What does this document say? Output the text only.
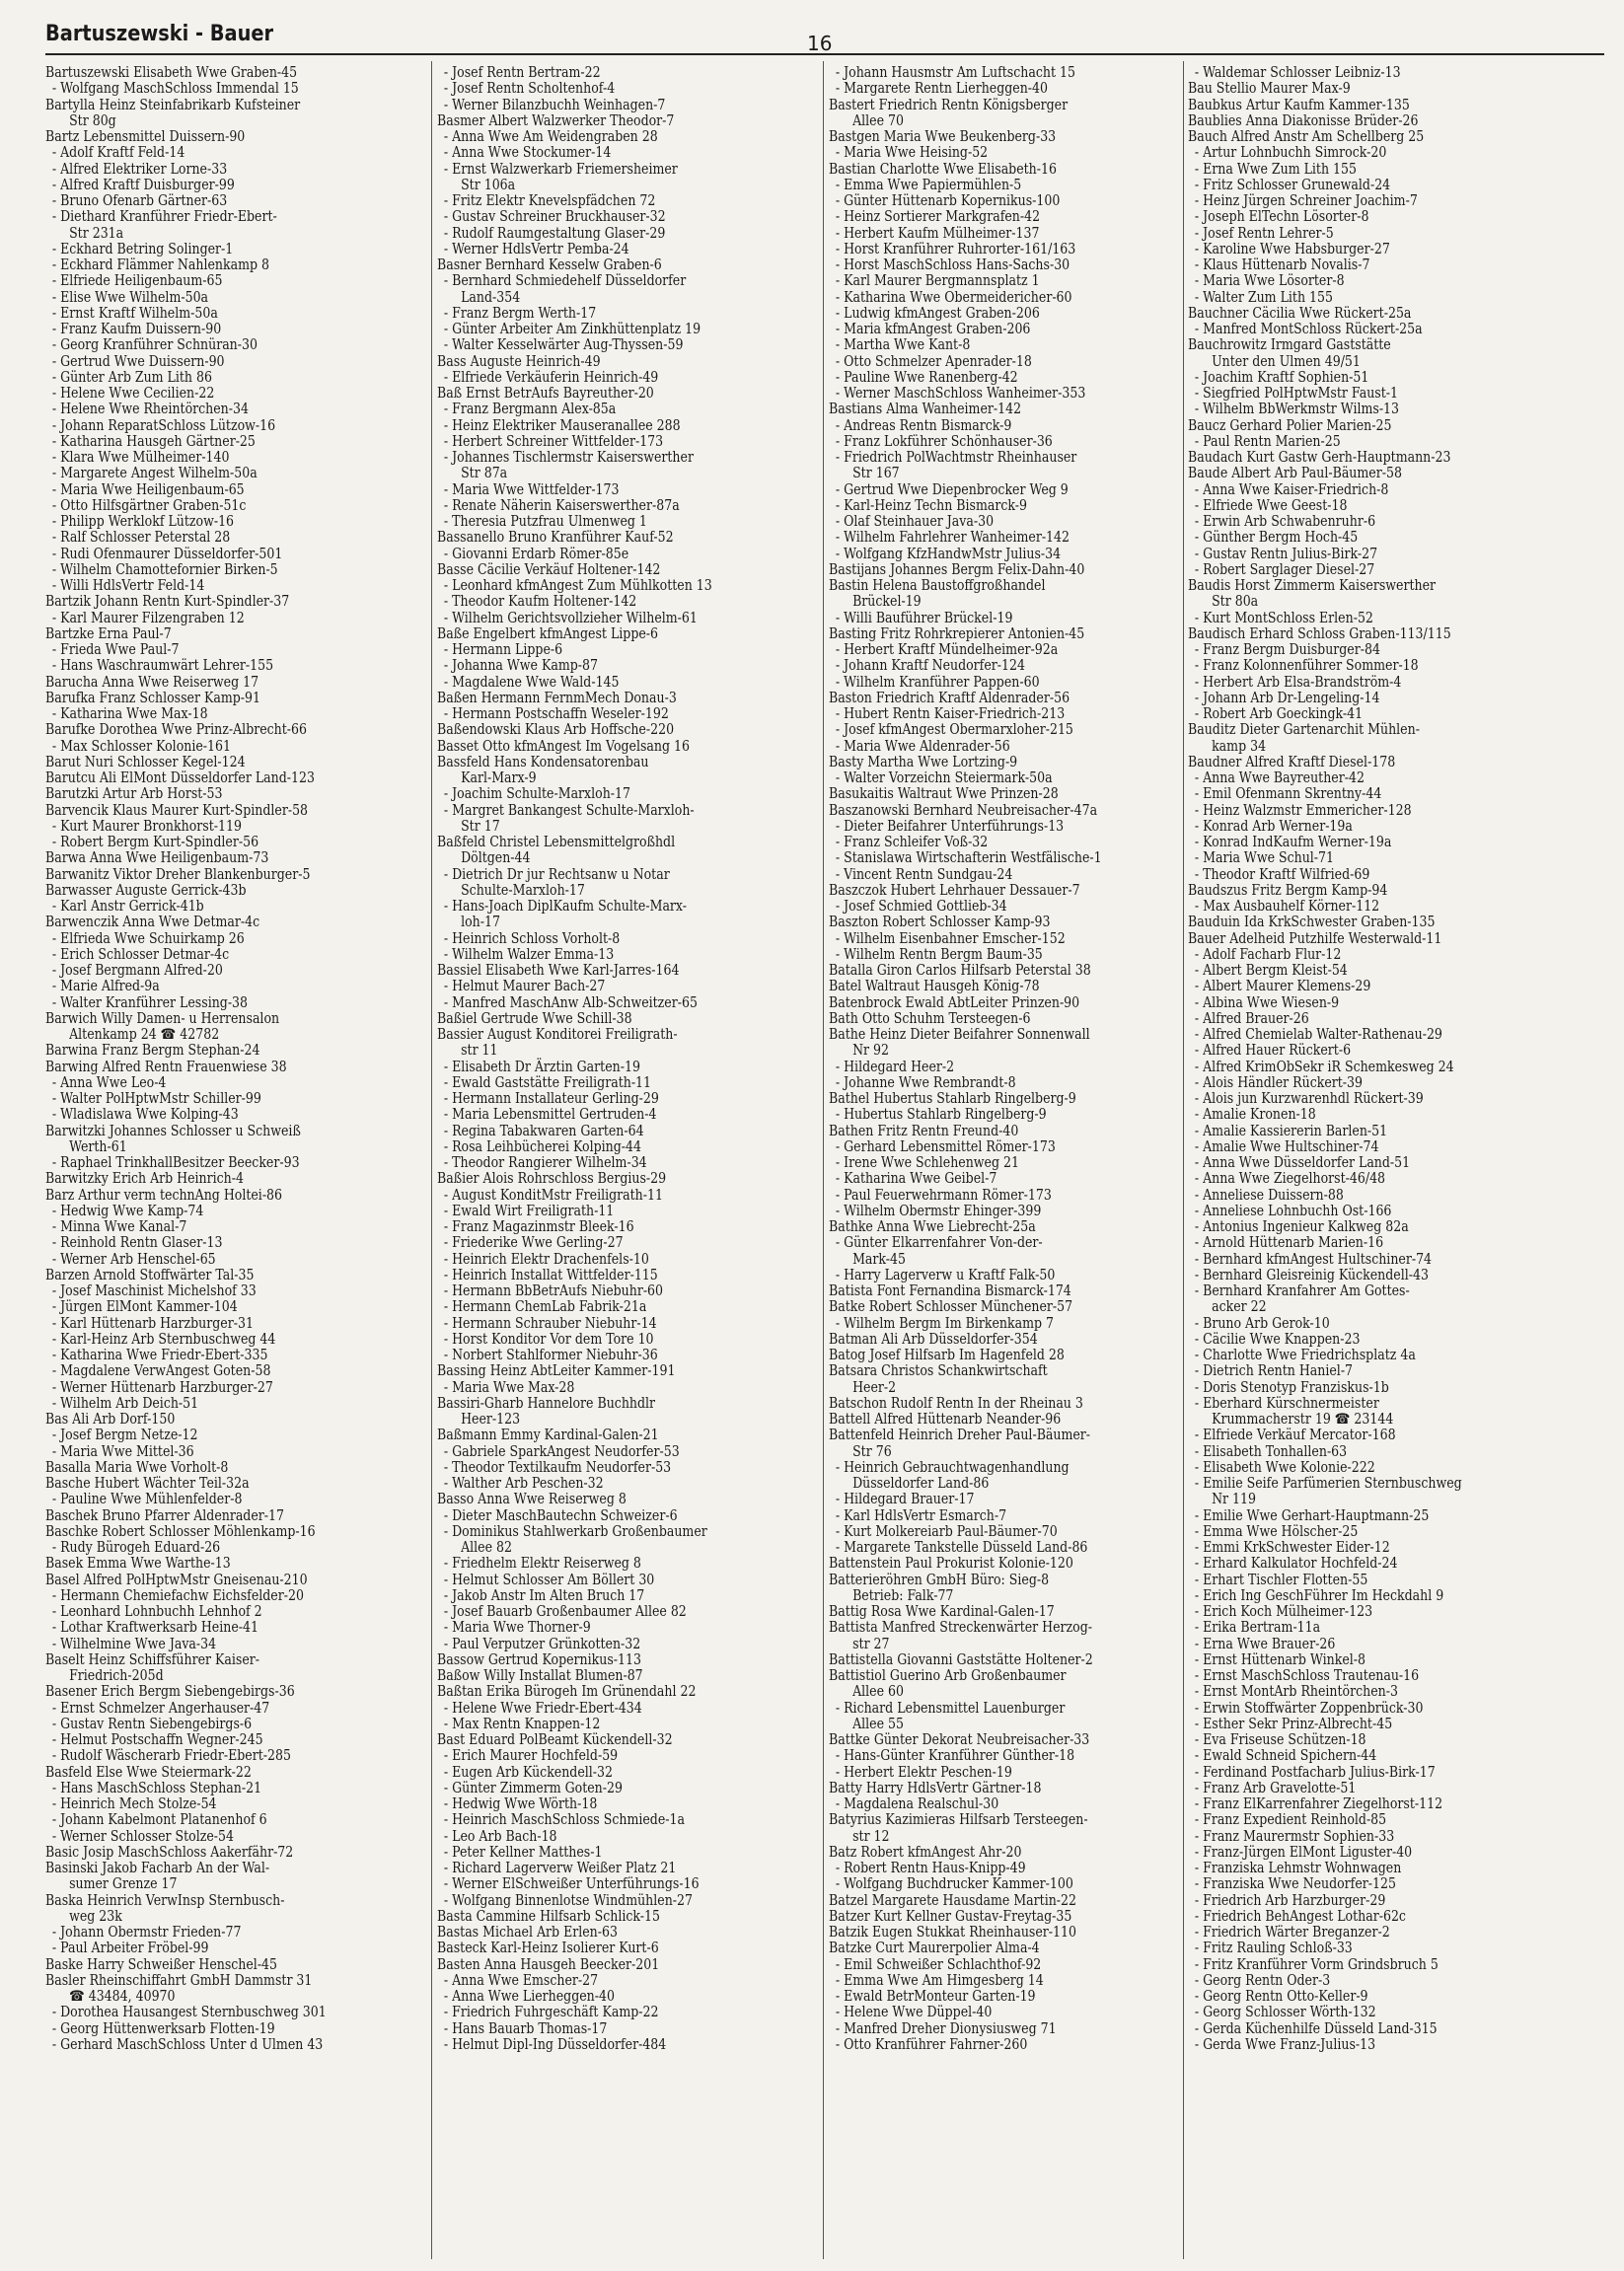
Bartuszewski - Bauer	16
Bartuszewski Elisabeth Wwe Graben-45
- Wolfgang MaschSchloss Immendal 15
Bartylla Heinz Steinfabrikarb Kufsteiner
Str 80g
Bartz Lebensmittel Duissern-90
- Adolf Kraftf Feld-14
- Alfred Elektriker Lorne-33
- Alfred Kraftf Duisburger-99
- Bruno Ofenarb Gärtner-63
- Diethard Kranführer Friedr-Ebert-
Str 231a
- Eckhard Betring Solinger-1
- Eckhard Flämmer Nahlenkamp 8
- Elfriede Heiligenbaum-65
- Elise Wwe Wilhelm-50a
- Ernst Kraftf Wilhelm-50a
- Franz Kaufm Duissern-90
- Georg Kranführer Schnüran-30
- Gertrud Wwe Duissern-90
- Günter Arb Zum Lith 86
- Helene Wwe Cecilien-22
- Helene Wwe Rheintörchen-34
- Johann ReparatSchloss Lützow-16
- Katharina Hausgeh Gärtner-25
- Klara Wwe Mülheimer-140
- Margarete Angest Wilhelm-50a
- Maria Wwe Heiligenbaum-65
- Otto Hilfsgärtner Graben-51c
- Philipp Werklokf Lützow-16
- Ralf Schlosser Peterstal 28
- Rudi Ofenmaurer Düsseldorfer-501
- Wilhelm Chamottefornier Birken-5
- Willi HdlsVertr Feld-14
Bartzik Johann Rentn Kurt-Spindler-37
- Karl Maurer Filzengraben 12
Bartzke Erna Paul-7
- Frieda Wwe Paul-7
- Hans Waschraumwärt Lehrer-155
Barucha Anna Wwe Reiserweg 17
Barufka Franz Schlosser Kamp-91
- Katharina Wwe Max-18
Barufke Dorothea Wwe Prinz-Albrecht-66
- Max Schlosser Kolonie-161
Barut Nuri Schlosser Kegel-124
Barutcu Ali ElMont Düsseldorfer Land-123
Barutzki Artur Arb Horst-53
Barvencik Klaus Maurer Kurt-Spindler-58
- Kurt Maurer Bronkhorst-119
- Robert Bergm Kurt-Spindler-56
Barwa Anna Wwe Heiligenbaum-73
Barwanitz Viktor Dreher Blankenburger-5
Barwasser Auguste Gerrick-43b
- Karl Anstr Gerrick-41b
Barwenczik Anna Wwe Detmar-4c
- Elfrieda Wwe Schuirkamp 26
- Erich Schlosser Detmar-4c
- Josef Bergmann Alfred-20
- Marie Alfred-9a
- Walter Kranführer Lessing-38
Barwich Willy Damen- u Herrensalon
Altenkamp 24 ☎ 42782
Barwina Franz Bergm Stephan-24
Barwing Alfred Rentn Frauenwiese 38
- Anna Wwe Leo-4
- Walter PolHptwMstr Schiller-99
- Wladislawa Wwe Kolping-43
Barwitzki Johannes Schlosser u Schweiß
Werth-61
- Raphael TrinkhallBesitzer Beecker-93
Barwitzky Erich Arb Heinrich-4
Barz Arthur verm technAng Holtei-86
- Hedwig Wwe Kamp-74
- Minna Wwe Kanal-7
- Reinhold Rentn Glaser-13
- Werner Arb Henschel-65
Barzen Arnold Stoffwärter Tal-35
- Josef Maschinist Michelshof 33
- Jürgen ElMont Kammer-104
- Karl Hüttenarb Harzburger-31
- Karl-Heinz Arb Sternbuschweg 44
- Katharina Wwe Friedr-Ebert-335
- Magdalene VerwAngest Goten-58
- Werner Hüttenarb Harzburger-27
- Wilhelm Arb Deich-51
Bas Ali Arb Dorf-150
- Josef Bergm Netze-12
- Maria Wwe Mittel-36
Basalla Maria Wwe Vorholt-8
Basche Hubert Wächter Teil-32a
- Pauline Wwe Mühlenfelder-8
Baschek Bruno Pfarrer Aldenrader-17
Baschke Robert Schlosser Möhlenkamp-16
- Rudy Bürogeh Eduard-26
Basek Emma Wwe Warthe-13
Basel Alfred PolHptwMstr Gneisenau-210
- Hermann Chemiefachw Eichsfelder-20
- Leonhard Lohnbuchh Lehnhof 2
- Lothar Kraftwerksarb Heine-41
- Wilhelmine Wwe Java-34
Baselt Heinz Schiffsführer Kaiser-
Friedrich-205d
Basener Erich Bergm Siebengebirgs-36
- Ernst Schmelzer Angerhauser-47
- Gustav Rentn Siebengebirgs-6
- Helmut Postschaffn Wegner-245
- Rudolf Wäscherarb Friedr-Ebert-285
Basfeld Else Wwe Steiermark-22
- Hans MaschSchloss Stephan-21
- Heinrich Mech Stolze-54
- Johann Kabelmont Platanenhof 6
- Werner Schlosser Stolze-54
Basic Josip MaschSchloss Aakerfähr-72
Basinski Jakob Facharb An der Wal-
sumer Grenze 17
Baska Heinrich VerwInsp Sternbusch-
weg 23k
- Johann Obermstr Frieden-77
- Paul Arbeiter Fröbel-99
Baske Harry Schweißer Henschel-45
Basler Rheinschiffahrt GmbH Dammstr 31
☎ 43484, 40970
- Dorothea Hausangest Sternbuschweg 301
- Georg Hüttenwerksarb Flotten-19
- Gerhard MaschSchloss Unter d Ulmen 43
- Josef Rentn Bertram-22
- Josef Rentn Scholtenhof-4
- Werner Bilanzbuchh Weinhagen-7
Basmer Albert Walzwerker Theodor-7
- Anna Wwe Am Weidengraben 28
- Anna Wwe Stockumer-14
- Ernst Walzwerkarb Friemersheimer
Str 106a
- Fritz Elektr Knevelspfädchen 72
- Gustav Schreiner Bruckhauser-32
- Rudolf Raumgestaltung Glaser-29
- Werner HdlsVertr Pemba-24
Basner Bernhard Kesselw Graben-6
- Bernhard Schmiedehelf Düsseldorfer
Land-354
- Franz Bergm Werth-17
- Günter Arbeiter Am Zinkhüttenplatz 19
- Walter Kesselwärter Aug-Thyssen-59
Bass Auguste Heinrich-49
- Elfriede Verkäuferin Heinrich-49
Baß Ernst BetrAufs Bayreuther-20
- Franz Bergmann Alex-85a
- Heinz Elektriker Mauseranallee 288
- Herbert Schreiner Wittfelder-173
- Johannes Tischlermstr Kaiserswerther
Str 87a
- Maria Wwe Wittfelder-173
- Renate Näherin Kaiserswerther-87a
- Theresia Putzfrau Ulmenweg 1
Bassanello Bruno Kranführer Kauf-52
- Giovanni Erdarb Römer-85e
Basse Cäcilie Verkäuf Holtener-142
- Leonhard kfmAngest Zum Mühlkotten 13
- Theodor Kaufm Holtener-142
- Wilhelm Gerichtsvollzieher Wilhelm-61
Baße Engelbert kfmAngest Lippe-6
- Hermann Lippe-6
- Johanna Wwe Kamp-87
- Magdalene Wwe Wald-145
Baßen Hermann FernmMech Donau-3
- Hermann Postschaffn Weseler-192
Baßendowski Klaus Arb Hoffsche-220
Basset Otto kfmAngest Im Vogelsang 16
Bassfeld Hans Kondensatorenbau
Karl-Marx-9
- Joachim Schulte-Marxloh-17
- Margret Bankangest Schulte-Marxloh-
Str 17
Baßfeld Christel Lebensmittelgroßhdl
Döltgen-44
- Dietrich Dr jur Rechtsanw u Notar
Schulte-Marxloh-17
- Hans-Joach DiplKaufm Schulte-Marx-
loh-17
- Heinrich Schloss Vorholt-8
- Wilhelm Walzer Emma-13
Bassiel Elisabeth Wwe Karl-Jarres-164
- Helmut Maurer Bach-27
- Manfred MaschAnw Alb-Schweitzer-65
Baßiel Gertrude Wwe Schill-38
Bassier August Konditorei Freiligrath-
str 11
- Elisabeth Dr Ärztin Garten-19
- Ewald Gaststätte Freiligrath-11
- Hermann Installateur Gerling-29
- Maria Lebensmittel Gertruden-4
- Regina Tabakwaren Garten-64
- Rosa Leihbücherei Kolping-44
- Theodor Rangierer Wilhelm-34
Baßier Alois Rohrschloss Bergius-29
- August KonditMstr Freiligrath-11
- Ewald Wirt Freiligrath-11
- Franz Magazinmstr Bleek-16
- Friederike Wwe Gerling-27
- Heinrich Elektr Drachenfels-10
- Heinrich Installat Wittfelder-115
- Hermann BbBetrAufs Niebuhr-60
- Hermann ChemLab Fabrik-21a
- Hermann Schrauber Niebuhr-14
- Horst Konditor Vor dem Tore 10
- Norbert Stahlformer Niebuhr-36
Bassing Heinz AbtLeiter Kammer-191
- Maria Wwe Max-28
Bassiri-Gharb Hannelore Buchhdlr
Heer-123
Baßmann Emmy Kardinal-Galen-21
- Gabriele SparkAngest Neudorfer-53
- Theodor Textilkaufm Neudorfer-53
- Walther Arb Peschen-32
Basso Anna Wwe Reiserweg 8
- Dieter MaschBautechn Schweizer-6
- Dominikus Stahlwerkarb Großenbaumer
Allee 82
- Friedhelm Elektr Reiserweg 8
- Helmut Schlosser Am Böllert 30
- Jakob Anstr Im Alten Bruch 17
- Josef Bauarb Großenbaumer Allee 82
- Maria Wwe Thorner-9
- Paul Verputzer Grünkotten-32
Bassow Gertrud Kopernikus-113
Baßow Willy Installat Blumen-87
Baßtan Erika Bürogeh Im Grünendahl 22
- Helene Wwe Friedr-Ebert-434
- Max Rentn Knappen-12
Bast Eduard PolBeamt Kückendell-32
- Erich Maurer Hochfeld-59
- Eugen Arb Kückendell-32
- Günter Zimmerm Goten-29
- Hedwig Wwe Wörth-18
- Heinrich MaschSchloss Schmiede-1a
- Leo Arb Bach-18
- Peter Kellner Matthes-1
- Richard Lagerverw Weißer Platz 21
- Werner ElSchweißer Unterführungs-16
- Wolfgang Binnenlotse Windmühlen-27
Basta Cammine Hilfsarb Schlick-15
Bastas Michael Arb Erlen-63
Basteck Karl-Heinz Isolierer Kurt-6
Basten Anna Hausgeh Beecker-201
- Anna Wwe Emscher-27
- Anna Wwe Lierheggen-40
- Friedrich Fuhrgeschäft Kamp-22
- Hans Bauarb Thomas-17
- Helmut Dipl-Ing Düsseldorfer-484
- Johann Hausmstr Am Luftschacht 15
- Margarete Rentn Lierheggen-40
Bastert Friedrich Rentn Königsberger
Allee 70
Bastgen Maria Wwe Beukenberg-33
- Maria Wwe Heising-52
Bastian Charlotte Wwe Elisabeth-16
- Emma Wwe Papiermühlen-5
- Günter Hüttenarb Kopernikus-100
- Heinz Sortierer Markgrafen-42
- Herbert Kaufm Mülheimer-137
- Horst Kranführer Ruhrorter-161/163
- Horst MaschSchloss Hans-Sachs-30
- Karl Maurer Bergmannsplatz 1
- Katharina Wwe Obermeidericher-60
- Ludwig kfmAngest Graben-206
- Maria kfmAngest Graben-206
- Martha Wwe Kant-8
- Otto Schmelzer Apenrader-18
- Pauline Wwe Ranenberg-42
- Werner MaschSchloss Wanheimer-353
Bastians Alma Wanheimer-142
- Andreas Rentn Bismarck-9
- Franz Lokführer Schönhauser-36
- Friedrich PolWachtmstr Rheinhauser
Str 167
- Gertrud Wwe Diepenbrocker Weg 9
- Karl-Heinz Techn Bismarck-9
- Olaf Steinhauer Java-30
- Wilhelm Fahrlehrer Wanheimer-142
- Wolfgang KfzHandwMstr Julius-34
Bastijans Johannes Bergm Felix-Dahn-40
Bastin Helena Baustoffgroßhandel
Brückel-19
- Willi Bauführer Brückel-19
Basting Fritz Rohrkrepierer Antonien-45
- Herbert Kraftf Mündelheimer-92a
- Johann Kraftf Neudorfer-124
- Wilhelm Kranführer Pappen-60
Baston Friedrich Kraftf Aldenrader-56
- Hubert Rentn Kaiser-Friedrich-213
- Josef kfmAngest Obermarxloher-215
- Maria Wwe Aldenrader-56
Basty Martha Wwe Lortzing-9
- Walter Vorzeichn Steiermark-50a
Basukaitis Waltraut Wwe Prinzen-28
Baszanowski Bernhard Neubreisacher-47a
- Dieter Beifahrer Unterführungs-13
- Franz Schleifer Voß-32
- Stanislawa Wirtschafterin Westfälische-1
- Vincent Rentn Sundgau-24
Baszczok Hubert Lehrhauer Dessauer-7
- Josef Schmied Gottlieb-34
Baszton Robert Schlosser Kamp-93
- Wilhelm Eisenbahner Emscher-152
- Wilhelm Rentn Bergm Baum-35
Batalla Giron Carlos Hilfsarb Peterstal 38
Batel Waltraut Hausgeh König-78
Batenbrock Ewald AbtLeiter Prinzen-90
Bath Otto Schuhm Tersteegen-6
Bathe Heinz Dieter Beifahrer Sonnenwall
Nr 92
- Hildegard Heer-2
- Johanne Wwe Rembrandt-8
Bathel Hubertus Stahlarb Ringelberg-9
- Hubertus Stahlarb Ringelberg-9
Bathen Fritz Rentn Freund-40
- Gerhard Lebensmittel Römer-173
- Irene Wwe Schlehenweg 21
- Katharina Wwe Geibel-7
- Paul Feuerwehrmann Römer-173
- Wilhelm Obermstr Ehinger-399
Bathke Anna Wwe Liebrecht-25a
- Günter Elkarrenfahrer Von-der-
Mark-45
- Harry Lagerverw u Kraftf Falk-50
Batista Font Fernandina Bismarck-174
Batke Robert Schlosser Münchener-57
- Wilhelm Bergm Im Birkenkamp 7
Batman Ali Arb Düsseldorfer-354
Batog Josef Hilfsarb Im Hagenfeld 28
Batsara Christos Schankwirtschaft
Heer-2
Batschon Rudolf Rentn In der Rheinau 3
Battell Alfred Hüttenarb Neander-96
Battenfeld Heinrich Dreher Paul-Bäumer-
Str 76
- Heinrich Gebrauchtwagenhandlung
Düsseldorfer Land-86
- Hildegard Brauer-17
- Karl HdlsVertr Esmarch-7
- Kurt Molkereiarb Paul-Bäumer-70
- Margarete Tankstelle Düsseld Land-86
Battenstein Paul Prokurist Kolonie-120
Batterieröhren GmbH Büro: Sieg-8
Betrieb: Falk-77
Battig Rosa Wwe Kardinal-Galen-17
Battista Manfred Streckenwärter Herzog-
str 27
Battistella Giovanni Gaststätte Holtener-2
Battistiol Guerino Arb Großenbaumer
Allee 60
- Richard Lebensmittel Lauenburger
Allee 55
Battke Günter Dekorat Neubreisacher-33
- Hans-Günter Kranführer Günther-18
- Herbert Elektr Peschen-19
Batty Harry HdlsVertr Gärtner-18
- Magdalena Realschul-30
Batyrius Kazimieras Hilfsarb Tersteegen-
str 12
Batz Robert kfmAngest Ahr-20
- Robert Rentn Haus-Knipp-49
- Wolfgang Buchdrucker Kammer-100
Batzel Margarete Hausdame Martin-22
Batzer Kurt Kellner Gustav-Freytag-35
Batzik Eugen Stukkat Rheinhauser-110
Batzke Curt Maurerpolier Alma-4
- Emil Schweißer Schlachthof-92
- Emma Wwe Am Himgesberg 14
- Ewald BetrMonteur Garten-19
- Helene Wwe Düppel-40
- Manfred Dreher Dionysiusweg 71
- Otto Kranführer Fahrner-260
- Waldemar Schlosser Leibniz-13
Bau Stellio Maurer Max-9
Baubkus Artur Kaufm Kammer-135
Baublies Anna Diakonisse Brüder-26
Bauch Alfred Anstr Am Schellberg 25
- Artur Lohnbuchh Simrock-20
- Erna Wwe Zum Lith 155
- Fritz Schlosser Grunewald-24
- Heinz Jürgen Schreiner Joachim-7
- Joseph ElTechn Lösorter-8
- Josef Rentn Lehrer-5
- Karoline Wwe Habsburger-27
- Klaus Hüttenarb Novalis-7
- Maria Wwe Lösorter-8
- Walter Zum Lith 155
Bauchner Cäcilia Wwe Rückert-25a
- Manfred MontSchloss Rückert-25a
Bauchrowitz Irmgard Gaststätte
Unter den Ulmen 49/51
- Joachim Kraftf Sophien-51
- Siegfried PolHptwMstr Faust-1
- Wilhelm BbWerkmstr Wilms-13
Baucz Gerhard Polier Marien-25
- Paul Rentn Marien-25
Baudach Kurt Gastw Gerh-Hauptmann-23
Baude Albert Arb Paul-Bäumer-58
- Anna Wwe Kaiser-Friedrich-8
- Elfriede Wwe Geest-18
- Erwin Arb Schwabenruhr-6
- Günther Bergm Hoch-45
- Gustav Rentn Julius-Birk-27
- Robert Sarglager Diesel-27
Baudis Horst Zimmerm Kaiserswerther
Str 80a
- Kurt MontSchloss Erlen-52
Baudisch Erhard Schloss Graben-113/115
- Franz Bergm Duisburger-84
- Franz Kolonnenführer Sommer-18
- Herbert Arb Elsa-Brandström-4
- Johann Arb Dr-Lengeling-14
- Robert Arb Goeckingk-41
Bauditz Dieter Gartenarchit Mühlen-
kamp 34
Baudner Alfred Kraftf Diesel-178
- Anna Wwe Bayreuther-42
- Emil Ofenmann Skrentny-44
- Heinz Walzmstr Emmericher-128
- Konrad Arb Werner-19a
- Konrad IndKaufm Werner-19a
- Maria Wwe Schul-71
- Theodor Kraftf Wilfried-69
Baudszus Fritz Bergm Kamp-94
- Max Ausbauhelf Körner-112
Bauduin Ida KrkSchwester Graben-135
Bauer Adelheid Putzhilfe Westerwald-11
- Adolf Facharb Flur-12
- Albert Bergm Kleist-54
- Albert Maurer Klemens-29
- Albina Wwe Wiesen-9
- Alfred Brauer-26
- Alfred Chemielab Walter-Rathenau-29
- Alfred Hauer Rückert-6
- Alfred KrimObSekr iR Schemkesweg 24
- Alois Händler Rückert-39
- Alois jun Kurzwarenhdl Rückert-39
- Amalie Kronen-18
- Amalie Kassiererin Barlen-51
- Amalie Wwe Hultschiner-74
- Anna Wwe Düsseldorfer Land-51
- Anna Wwe Ziegelhorst-46/48
- Anneliese Duissern-88
- Anneliese Lohnbuchh Ost-166
- Antonius Ingenieur Kalkweg 82a
- Arnold Hüttenarb Marien-16
- Bernhard kfmAngest Hultschiner-74
- Bernhard Gleisreinig Kückendell-43
- Bernhard Kranfahrer Am Gottes-
acker 22
- Bruno Arb Gerok-10
- Cäcilie Wwe Knappen-23
- Charlotte Wwe Friedrichsplatz 4a
- Dietrich Rentn Haniel-7
- Doris Stenotyp Franziskus-1b
- Eberhard Kürschnermeister
Krummacherstr 19 ☎ 23144
- Elfriede Verkäuf Mercator-168
- Elisabeth Tonhallen-63
- Elisabeth Wwe Kolonie-222
- Emilie Seife Parfümerien Sternbuschweg
Nr 119
- Emilie Wwe Gerhart-Hauptmann-25
- Emma Wwe Hölscher-25
- Emmi KrkSchwester Eider-12
- Erhard Kalkulator Hochfeld-24
- Erhart Tischler Flotten-55
- Erich Ing GeschFührer Im Heckdahl 9
- Erich Koch Mülheimer-123
- Erika Bertram-11a
- Erna Wwe Brauer-26
- Ernst Hüttenarb Winkel-8
- Ernst MaschSchloss Trautenau-16
- Ernst MontArb Rheintörchen-3
- Erwin Stoffwärter Zoppenbrück-30
- Esther Sekr Prinz-Albrecht-45
- Eva Friseuse Schützen-18
- Ewald Schneid Spichern-44
- Ferdinand Postfacharb Julius-Birk-17
- Franz Arb Gravelotte-51
- Franz ElKarrenfahrer Ziegelhorst-112
- Franz Expedient Reinhold-85
- Franz Maurermstr Sophien-33
- Franz-Jürgen ElMont Liguster-40
- Franziska Lehmstr Wohnwagen
- Franziska Wwe Neudorfer-125
- Friedrich Arb Harzburger-29
- Friedrich BehAngest Lothar-62c
- Friedrich Wärter Breganzer-2
- Fritz Rauling Schloß-33
- Fritz Kranführer Vorm Grindsbruch 5
- Georg Rentn Oder-3
- Georg Rentn Otto-Keller-9
- Georg Schlosser Wörth-132
- Gerda Küchenhilfe Düsseld Land-315
- Gerda Wwe Franz-Julius-13
